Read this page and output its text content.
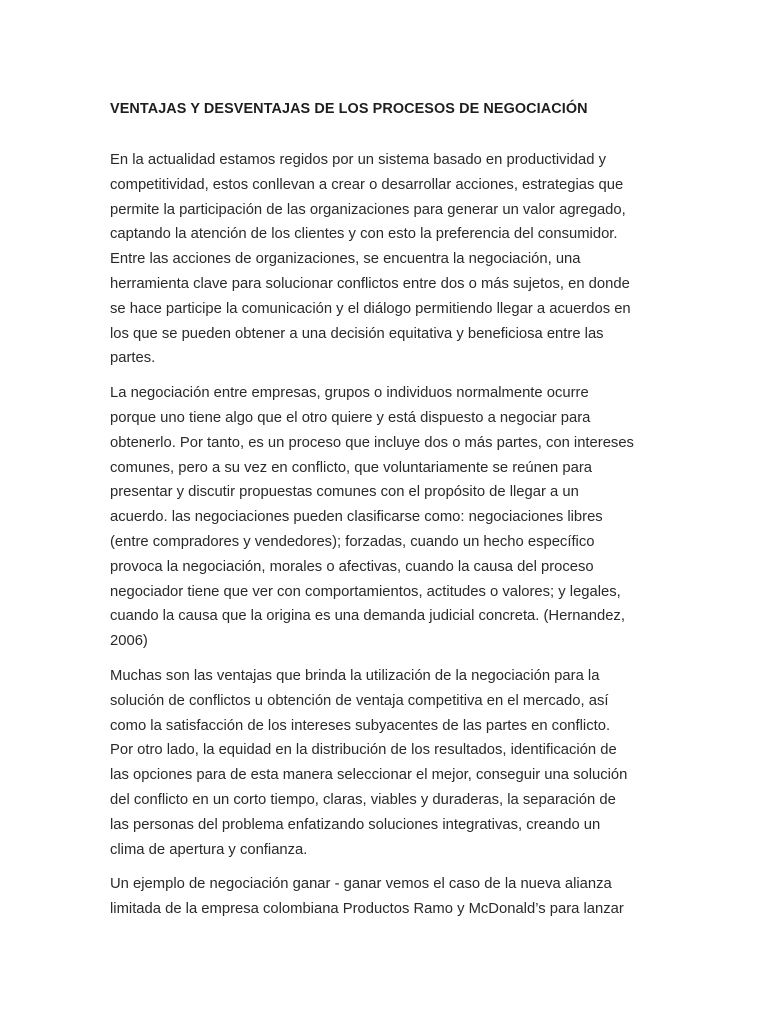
VENTAJAS Y DESVENTAJAS DE LOS PROCESOS DE NEGOCIACIÓN

En la actualidad estamos regidos por un sistema basado en productividad y
competitividad, estos conllevan a crear o desarrollar acciones, estrategias que
permite la participación de las organizaciones para generar un valor agregado,
captando la atención de los clientes y con esto la preferencia del consumidor.
Entre las acciones de organizaciones, se encuentra la negociación, una
herramienta clave para solucionar conflictos entre dos o más sujetos, en donde
se hace participe la comunicación y el diálogo permitiendo llegar a acuerdos en
los que se pueden obtener a una decisión equitativa y beneficiosa entre las
partes.

La negociación entre empresas, grupos o individuos normalmente ocurre
porque uno tiene algo que el otro quiere y está dispuesto a negociar para
obtenerlo. Por tanto, es un proceso que incluye dos o más partes, con intereses
comunes, pero a su vez en conflicto, que voluntariamente se reúnen para
presentar y discutir propuestas comunes con el propósito de llegar a un
acuerdo. las negociaciones pueden clasificarse como: negociaciones libres
(entre compradores y vendedores); forzadas, cuando un hecho específico
provoca la negociación, morales o afectivas, cuando la causa del proceso
negociador tiene que ver con comportamientos, actitudes o valores; y legales,
cuando la causa que la origina es una demanda judicial concreta. (Hernandez,
2006)

Muchas son las ventajas que brinda la utilización de la negociación para la
solución de conflictos u obtención de ventaja competitiva en el mercado, así
como la satisfacción de los intereses subyacentes de las partes en conflicto.
Por otro lado, la equidad en la distribución de los resultados, identificación de
las opciones para de esta manera seleccionar el mejor, conseguir una solución
del conflicto en un corto tiempo, claras, viables y duraderas, la separación de
las personas del problema enfatizando soluciones integrativas, creando un
clima de apertura y confianza.

Un ejemplo de negociación ganar - ganar vemos el caso de la nueva alianza
limitada de la empresa colombiana Productos Ramo y McDonald’s para lanzar
